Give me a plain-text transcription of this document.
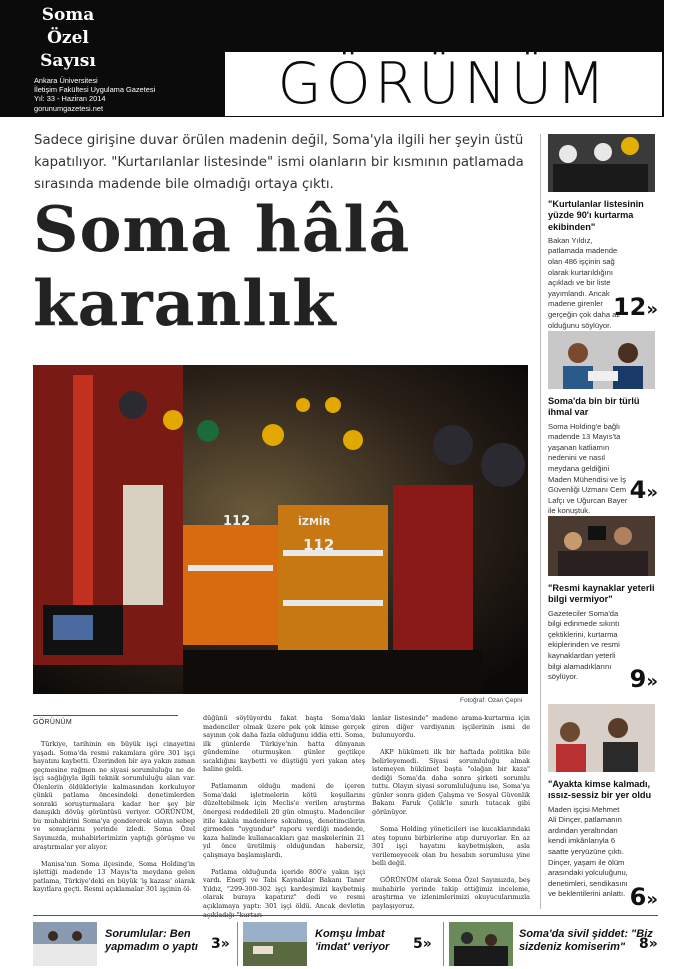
Soma
Özel
Sayısı
Ankara Üniversitesi
İletişim Fakültesi Uygulama Gazetesi
Yıl: 33 - Haziran 2014
gorunumgazetesi.net	GÖRÜNÜM
Sadece girişine duvar örülen madenin değil, Soma'yla ilgili her şeyin üstü kapatılıyor. "Kurtarılanlar listesinde" ismi olanların bir kısmının patlamada sırasında madende bile olmadığı ortaya çıktı.
Soma hâlâ
karanlık
112
112
İZMİR
Fotoğraf: Ozan Çepni
GÖRÜNÜM

Türkiye, tarihinin en büyük işçi cinayetini yaşadı. Soma'da resmi rakamlara göre 301 işçi hayatını kaybetti. Üzerinden bir aya yakın zaman geçmesine rağmen ne siyasi sorumluluğu ne de işçi sağlığıyla ilgili teknik sorumluluğu alan var. Ölenlerin öldükleriyle kalmasından korkuluyor çünkü patlama öncesindeki denetimlerden sonraki soruşturmalara kadar her şey bir danışıklı dövüş görüntüsü veriyor. GÖRÜNÜM, bu muhabirini Soma'ya gondererek olayın sebep ve sonuçlarını yerinde izledi. Soma Özel Sayımızda, muhabirlerimizin yaptığı görüşme ve araştırmalar yer alıyor.

Manisa'nın Soma ilçesinde, Soma Holding'in işlettiği madende 13 Mayıs'ta meydana gelen patlama, Türkiye'deki en büyük 'iş kazası' olarak kayıtlara geçti. Resmi açıklamalar 301 işçinin öl-

düğünü söylüyordu fakat başta Soma'daki madenciler olmak üzere pek çok kimse gerçek sayının çok daha fazla olduğunu iddia etti. Soma, ilk günlerde Türkiye'nin hatta dünyanın gündemine oturmuşken günler geçtikçe sıcaklığını kaybetti ve düştüğü yeri yakan ateş haline geldi.

Patlamanın olduğu madeni de içeren Soma'daki işletmelerin kötü koşullarını düzeltebilmek için Meclis'e verilen araştırma önergesi reddedileli 20 gün olmuştu. Madenciler itile kakıla madenlere sokulmuş, denetimcilerin girmeden "uygundur" raporu verdiği madende, kaza halinde kullanacakları gaz maskelerinin 21 yıl önce üretilmiş olduğundan habersiz, çalışmaya başlamışlardı.

Patlama olduğunda içeride 800'e yakın işçi vardı. Enerji ve Tabi Kaynaklar Bakanı Taner Yıldız, "299-300-302 işçi kardeşimizi kaybetmiş olarak buraya kapatırız" dedi ve resmi açıklamaya yaptı: 301 işçi öldü. Ancak devletin

lanlar listesinde" madene arama-kurtarma için giren diğer vardiyanın işçilerinin ismi de bulunuyordu.

AKP hükümeti ilk bir haftada politika bile belirleyemedi. Siyasi sorumluluğu almak istemeyen hükümet başta "olağan bir kaza" dediği Soma'da daha sonra şirketi sorumlu tuttu. Olayın siyasi sorumluluğunu ise, Soma'ya günler sonra giden Çalışma ve Sosyal Güvenlik Bakanı Faruk Çelik'le sınırlı tutacak gibi görünüyor.

Soma Holding yöneticileri ise kucaklarındaki ateş topunu birbirlerine atıp duruyorlar. En az 301 işçi hayatını kaybetmişken, asla verilemeyecek olan bu hesabın sorumlusu yine belli değil.

GÖRÜNÜM olarak Soma Özel Sayımızda, beş muhabirle yerinde takip ettiğimiz inceleme, araştırma ve izlenimlerimizi okuyucularımızla paylaşıyoruz.

"Kurtulanlar listesinin yüzde 90'ı kurtarma ekibinden"
Bakan Yıldız, patlamada madende olan 486 işçinin sağ olarak kurtarıldığını açıkladı ve bir liste yayımlandı. Ancak madene girenler gerçeğin çok daha az olduğunu söylüyor.
12»
Soma'da bin bir türlü ihmal var
Soma Holding'e bağlı madende 13 Mayıs'ta yaşanan katliamın nedenini ve nasıl meydana geldiğini Maden Mühendisi ve İş Güvenliği Uzmanı Cem Lafçı ve Uğurcan Bayer ile konuştuk.
4»
"Resmi kaynaklar yeterli bilgi vermiyor"
Gazeteciler Soma'da bilgi edinmede sıkıntı çektiklerini, kurtarma ekiplerinden ve resmi kaynaklardan yeterli bilgi alamadıklarını söylüyor.	9»
"Ayakta kimse kalmadı, ıssız-sessiz bir yer oldu
Maden işçisi Mehmet Ali Dinçer, patlamanın ardından yeraltından kendi imkânlarıyla 6 saatte yeryüzüne çıktı. Dinçer, yaşam ile ölüm arasındaki yolculuğunu, denetimleri, sendikasını ve beklentilerini anlattı. 6»
Sorumlular: Ben
yapmadım o yaptı 3»
Komşu İmbat
'imdat' veriyor 5»
Soma'da sivil şiddet: "Biz
sizdeniz komiserim" 8»
